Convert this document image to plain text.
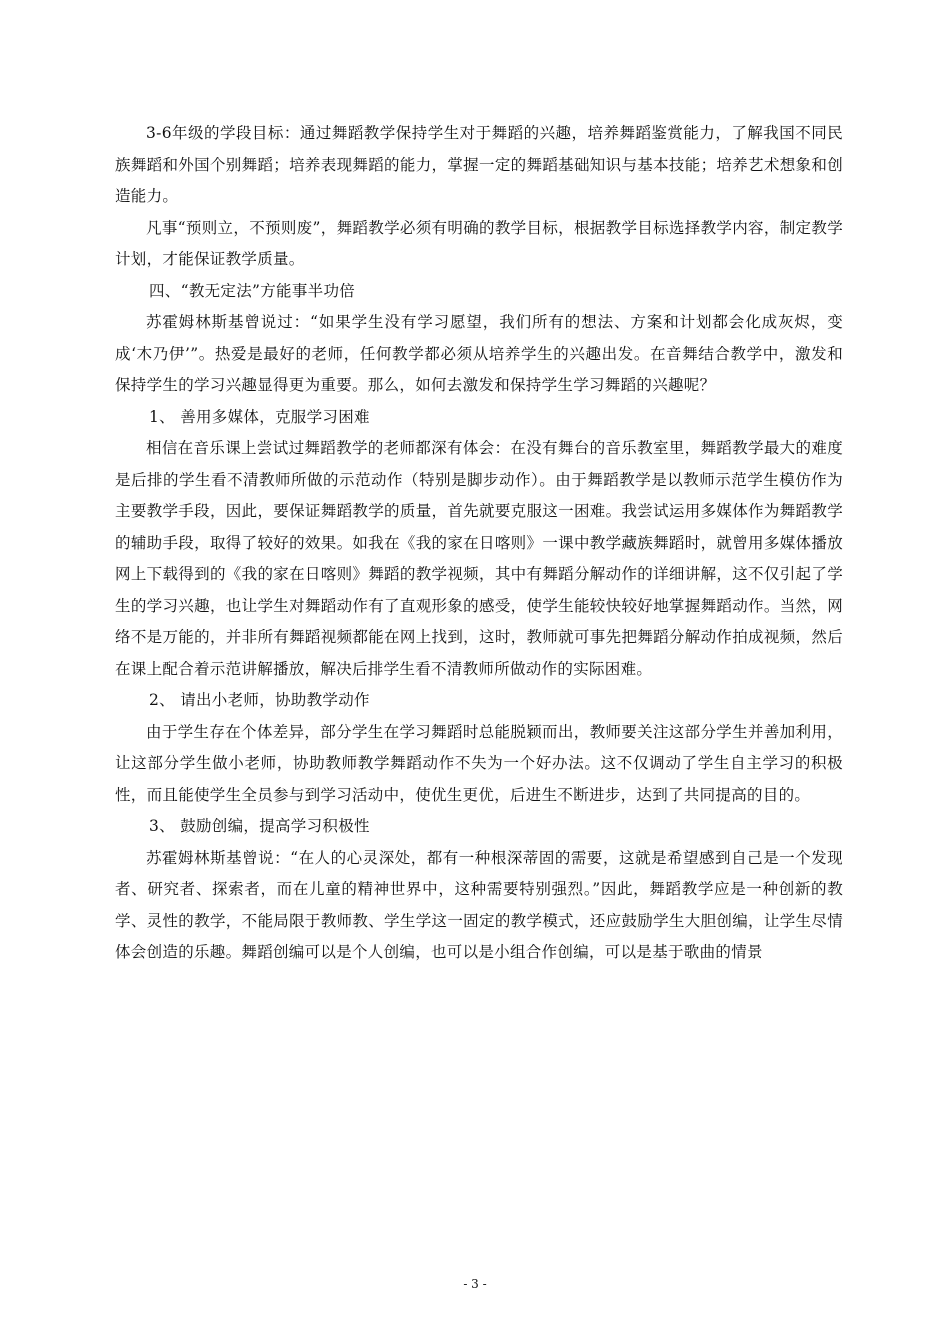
3-6年级的学段目标：通过舞蹈教学保持学生对于舞蹈的兴趣，培养舞蹈鉴赏能力，了解我国不同民族舞蹈和外国个别舞蹈；培养表现舞蹈的能力，掌握一定的舞蹈基础知识与基本技能；培养艺术想象和创造能力。

凡事“预则立，不预则废”，舞蹈教学必须有明确的教学目标，根据教学目标选择教学内容，制定教学计划，才能保证教学质量。

四、“教无定法”方能事半功倍

苏霍姆林斯基曾说过：“如果学生没有学习愿望，我们所有的想法、方案和计划都会化成灰烬，变成‘木乃伊’”。热爱是最好的老师，任何教学都必须从培养学生的兴趣出发。在音舞结合教学中，激发和保持学生的学习兴趣显得更为重要。那么，如何去激发和保持学生学习舞蹈的兴趣呢？

1、 善用多媒体，克服学习困难

相信在音乐课上尝试过舞蹈教学的老师都深有体会：在没有舞台的音乐教室里，舞蹈教学最大的难度是后排的学生看不清教师所做的示范动作（特别是脚步动作）。由于舞蹈教学是以教师示范学生模仿作为主要教学手段，因此，要保证舞蹈教学的质量，首先就要克服这一困难。我尝试运用多媒体作为舞蹈教学的辅助手段，取得了较好的效果。如我在《我的家在日喀则》一课中教学藏族舞蹈时，就曾用多媒体播放网上下载得到的《我的家在日喀则》舞蹈的教学视频，其中有舞蹈分解动作的详细讲解，这不仅引起了学生的学习兴趣，也让学生对舞蹈动作有了直观形象的感受，使学生能较快较好地掌握舞蹈动作。当然，网络不是万能的，并非所有舞蹈视频都能在网上找到，这时，教师就可事先把舞蹈分解动作拍成视频，然后在课上配合着示范讲解播放，解决后排学生看不清教师所做动作的实际困难。

2、 请出小老师，协助教学动作

由于学生存在个体差异，部分学生在学习舞蹈时总能脱颖而出，教师要关注这部分学生并善加利用，让这部分学生做小老师，协助教师教学舞蹈动作不失为一个好办法。这不仅调动了学生自主学习的积极性，而且能使学生全员参与到学习活动中，使优生更优，后进生不断进步，达到了共同提高的目的。

3、 鼓励创编，提高学习积极性

苏霍姆林斯基曾说：“在人的心灵深处，都有一种根深蒂固的需要，这就是希望感到自己是一个发现者、研究者、探索者，而在儿童的精神世界中，这种需要特别强烈。”因此，舞蹈教学应是一种创新的教学、灵性的教学，不能局限于教师教、学生学这一固定的教学模式，还应鼓励学生大胆创编，让学生尽情体会创造的乐趣。舞蹈创编可以是个人创编，也可以是小组合作创编，可以是基于歌曲的情景

- 3 -
